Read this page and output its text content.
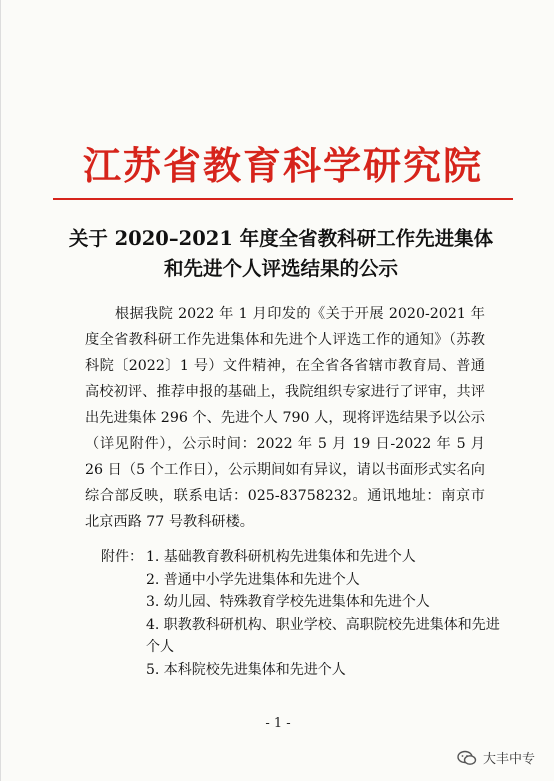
江苏省教育科学研究院
关于 2020–2021 年度全省教科研工作先进集体
和先进个人评选结果的公示
根据我院 2022 年 1 月印发的《关于开展 2020-2021 年度全省教科研工作先进集体和先进个人评选工作的通知》（苏教科院〔2022〕1 号）文件精神，在全省各省辖市教育局、普通高校初评、推荐申报的基础上，我院组织专家进行了评审，共评出先进集体 296 个、先进个人 790 人，现将评选结果予以公示（详见附件），公示时间：2022 年 5 月 19 日-2022 年 5 月 26 日（5 个工作日），公示期间如有异议，请以书面形式实名向综合部反映，联系电话：025-83758232。通讯地址：南京市北京西路 77 号教科研楼。
附件： 1. 基础教育教科研机构先进集体和先进个人
2. 普通中小学先进集体和先进个人
3. 幼儿园、特殊教育学校先进集体和先进个人
4. 职教教科研机构、职业学校、高职院校先进集体和先进个人
5. 本科院校先进集体和先进个人
- 1 -
大丰中专
